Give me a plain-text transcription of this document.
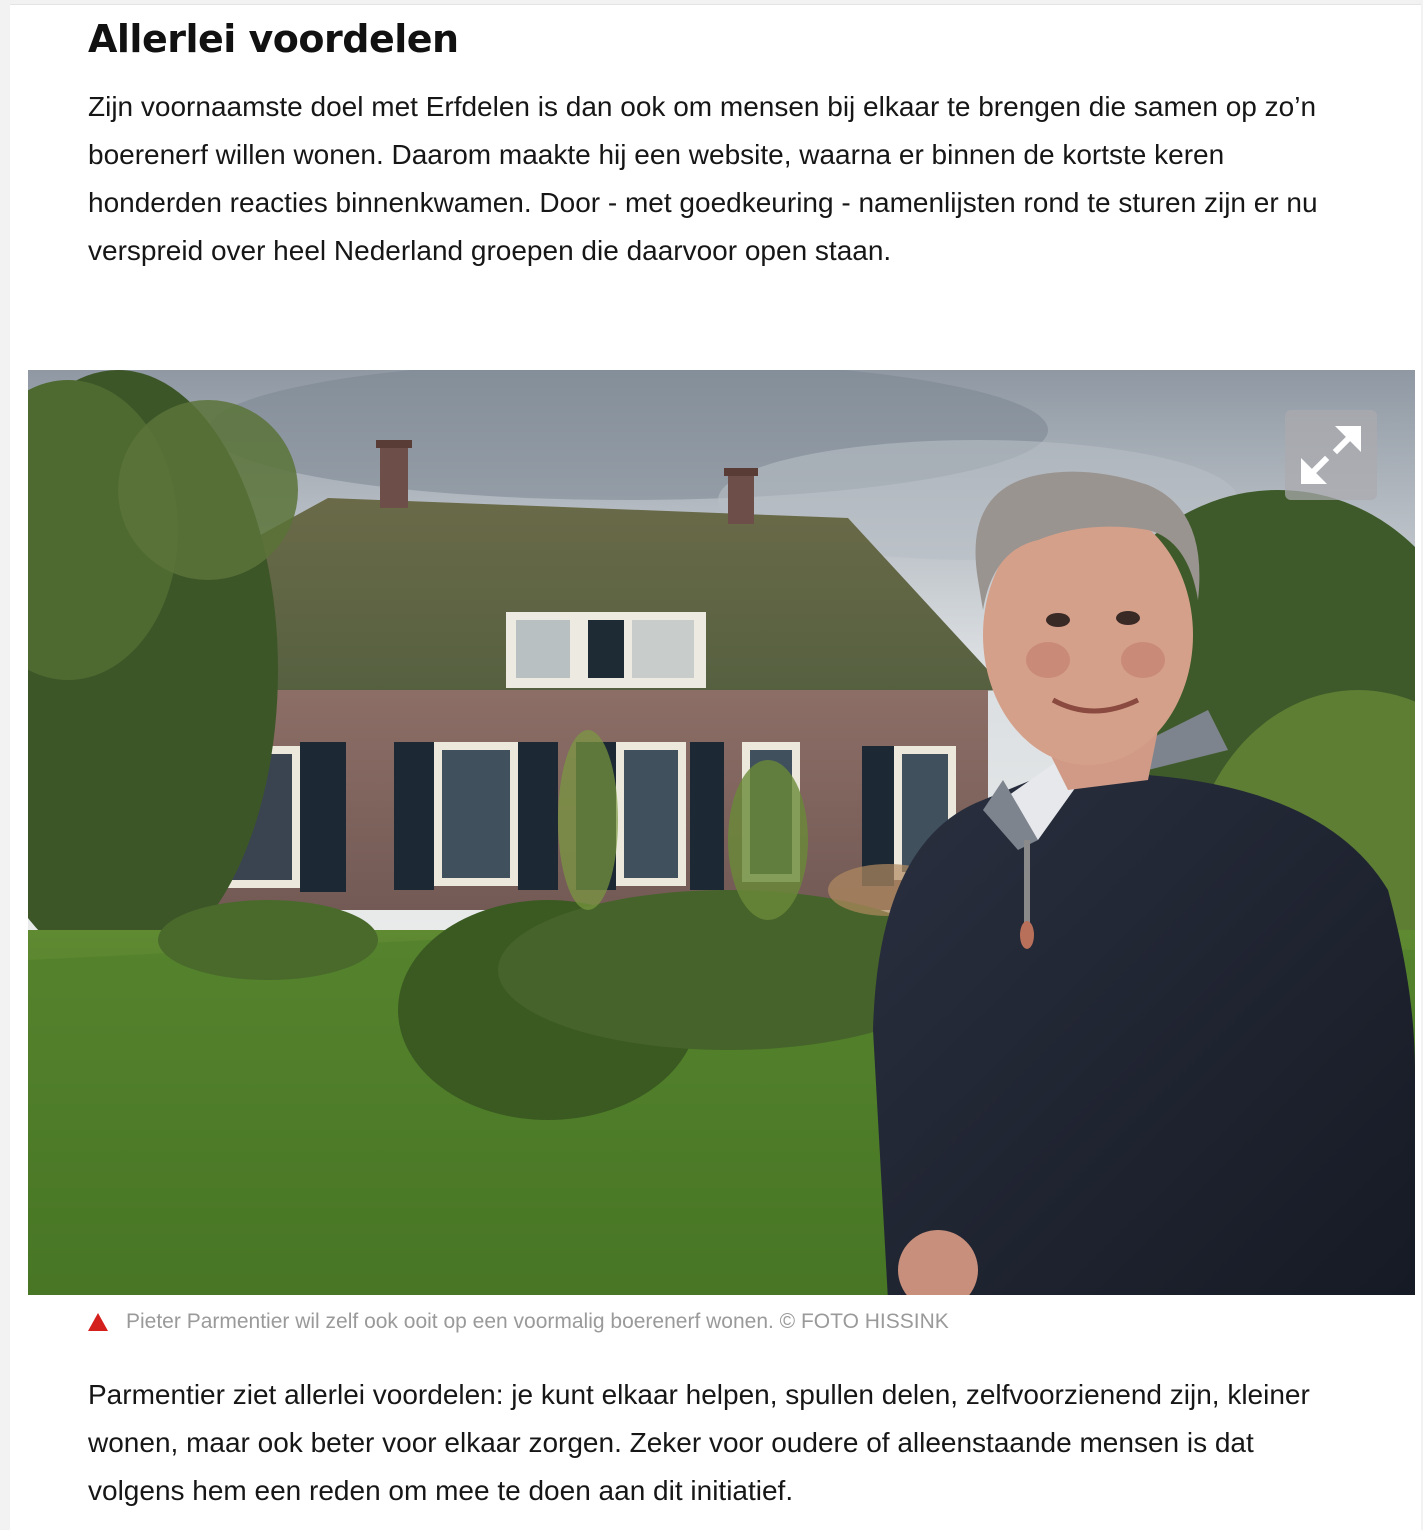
Allerlei voordelen

Zijn voornaamste doel met Erfdelen is dan ook om mensen bij elkaar te brengen die samen op zo’n boerenerf willen wonen. Daarom maakte hij een website, waarna er binnen de kortste keren honderden reacties binnenkwamen. Door - met goedkeuring - namenlijsten rond te sturen zijn er nu verspreid over heel Nederland groepen die daarvoor open staan.

Pieter Parmentier wil zelf ook ooit op een voormalig boerenerf wonen. © FOTO HISSINK

Parmentier ziet allerlei voordelen: je kunt elkaar helpen, spullen delen, zelfvoorzienend zijn, kleiner wonen, maar ook beter voor elkaar zorgen. Zeker voor oudere of alleenstaande mensen is dat volgens hem een reden om mee te doen aan dit initiatief.
